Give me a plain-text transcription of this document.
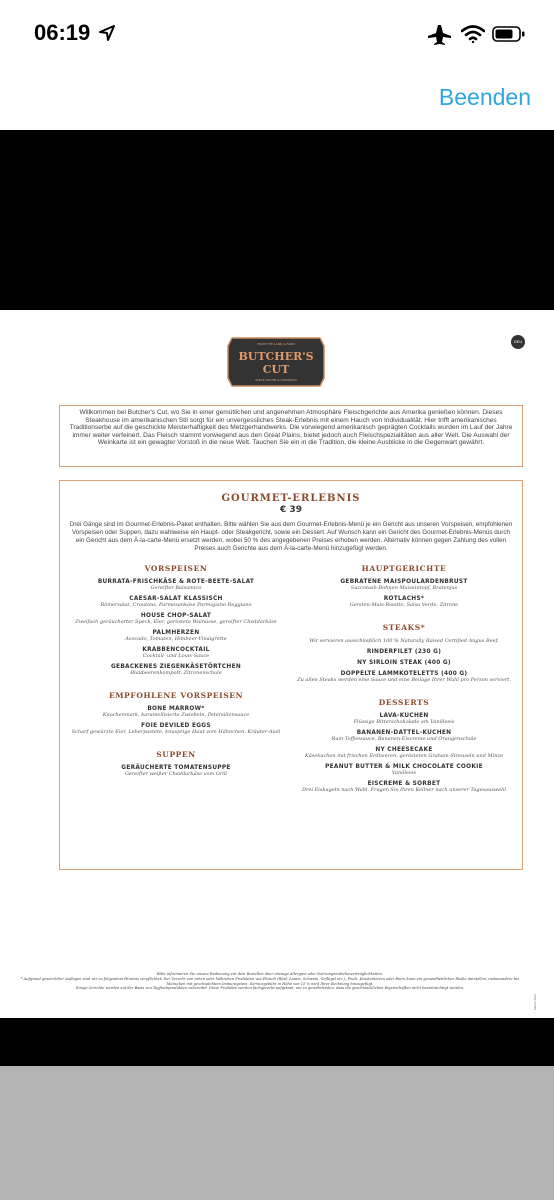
06:19
Beenden
DEU
FROM THE LAND & FARM
BUTCHER'S
CUT
STEAK HOUSE & COCKTAILS

Willkommen bei Butcher's Cut, wo Sie in einer gemütlichen und angenehmen Atmosphäre Fleischgerichte aus Amerika genießen können. Dieses Steakhouse im amerikanischen Stil sorgt für ein unvergessliches Steak-Erlebnis mit einem Hauch von Individualität. Hier trifft amerikanisches Traditionserbe auf die geschickte Meisterhaftigkeit des Metzgerhandwerks. Die vorwiegend amerikanisch geprägten Cocktails wurden im Lauf der Jahre immer weiter verfeinert. Das Fleisch stammt vorwiegend aus den Great Plains, bietet jedoch auch Fleischspezialitäten aus aller Welt. Die Auswahl der Weinkarte ist ein gewagter Vorstoß in die neue Welt. Tauchen Sie ein in die Tradition, die kleine Ausblicke in die Gegenwart gewährt.

GOURMET-ERLEBNIS

€ 39

Drei Gänge sind im Gourmet-Erlebnis-Paket enthalten. Bitte wählen Sie aus dem Gourmet-Erlebnis-Menü je ein Gericht aus unseren Vorspeisen, empfohlenen Vorspeisen oder Suppen, dazu wahlweise ein Haupt- oder Steakgericht, sowie ein Dessert. Auf Wunsch kann ein Gericht des Gourmet-Erlebnis-Menüs durch ein Gericht aus dem À-la-carte-Menü ersetzt werden, wobei 50 % des angegebenen Preises erhoben werden. Alternativ können gegen Zahlung des vollen Preises auch Gerichte aus dem À-la-carte-Menü hinzugefügt werden.

VORSPEISEN

BURRATA-FRISCHKÄSE & ROTE-BEETE-SALAT
Gereifter Balsamico
CAESAR-SALAT KLASSISCH
Römersalat, Croutons, Parmesankäse Parmigiano Reggiano
HOUSE CHOP-SALAT
Zweifach geräucherter Speck, Eier, geröstete Walnüsse, gereifter Cheddarkäse
PALMHERZEN
Avocado, Tomaten, Himbeer-Vinaigrette
KRABBENCOCKTAIL
Cocktail- und Louis-Sauce
GEBACKENES ZIEGENKÄSETÖRTCHEN
Blaubeerenkompott, Zitronenschale

EMPFOHLENE VORSPEISEN

BONE MARROW*
Knochenmark, karamellisierte Zwiebeln, Petersiliensauce
FOIE DEVILED EGGS
Scharf gewürzte Eier, Leberpastete, knusprige Haut vom Hähnchen, Kräuter-Aioli

SUPPEN

GERÄUCHERTE TOMATENSUPPE
Gereifter weißer Cheddarkäse vom Grill

HAUPTGERICHTE

GEBRATENE MAISPOULARDENBRUST
Succotash-Bohnen-Maiseintopf, Bratenjus
ROTLACHS*
Gersten-Mais-Risotto, Salsa Verde, Zitrone

STEAKS*

Wir servieren ausschließlich 100 % Naturally Raised Certified Angus Beef.
RINDERFILET (230 G)
NY SIRLOIN STEAK (400 G)
DOPPELTE LAMMKOTELETTS (400 G)
Zu allen Steaks werden eine Sauce und eine Beilage Ihrer Wahl pro Person serviert.

DESSERTS

LAVA-KUCHEN
Flüssige Bitterschokolade am Vanilleeis
BANANEN-DATTEL-KUCHEN
Rum-Toffeesauce, Bananen-Eiscreme und Orangenschale
NY CHEESECAKE
Käsekuchen mit frischen Erdbeeren, gerösteten Graham-Streuseln und Minze
PEANUT BUTTER & MILK CHOCOLATE COOKIE
Vanilleeis
EISCREME & SORBET
Drei Eiskugeln nach Wahl. Fragen Sie Ihren Kellner nach unserer Tagesauswahl

Bitte informieren Sie unsere Bedienung vor dem Bestellen über etwaige Allergien oder Nahrungsmittelunverträglichkeiten.
* Aufgrund gesetzlicher Auflagen sind wir zu folgendem Hinweis verpflichtet: Der Verzehr von rohen oder halbrohen Produkten wie Fleisch (Rind, Lamm, Schwein, Geflügel etc.), Fisch, Krustentieren oder Eiern kann ein gesundheitliches Risiko darstellen, insbesondere bei Menschen mit geschwächtem Immunsystem. Servicegebühr in Höhe von 15 % wird Ihrer Rechnung hinzugefügt.
Einige Gerichte werden auf der Basis von Tagfischprodukten zubereitet. Diese Produkte werden fachgerecht aufgetaut, um zu gewährleisten, dass die geschmacklichen Eigenschaften nicht beeinträchtigt werden.

MENU-DEU
